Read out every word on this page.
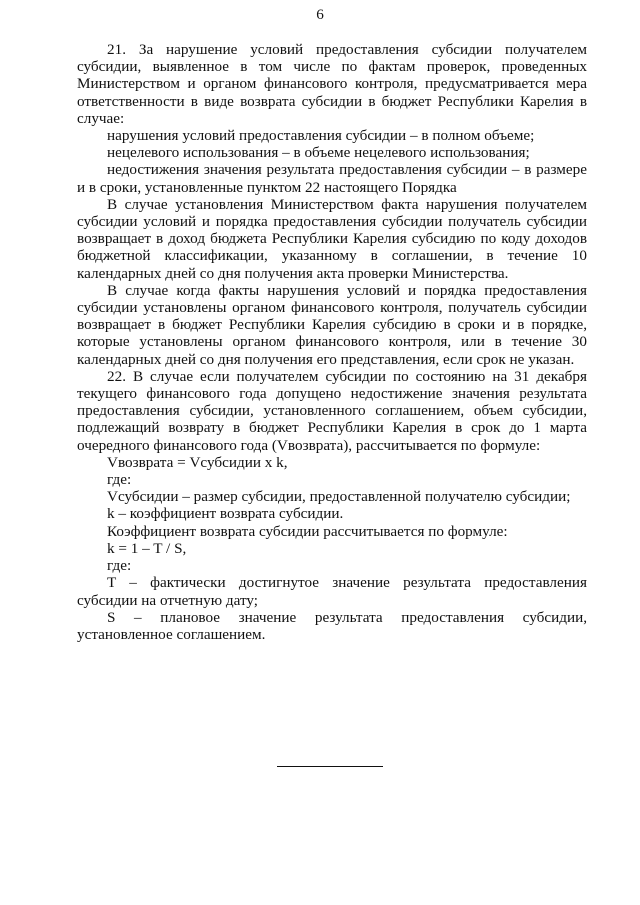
6

21. За нарушение условий предоставления субсидии получателем субсидии, выявленное в том числе по фактам проверок, проведенных Министерством и органом финансового контроля, предусматривается мера ответственности в виде возврата субсидии в бюджет Республики Карелия в случае:

нарушения условий предоставления субсидии – в полном объеме;

нецелевого использования – в объеме нецелевого использования;

недостижения значения результата предоставления субсидии – в размере и в сроки, установленные пунктом 22 настоящего Порядка

В случае установления Министерством факта нарушения получателем субсидии условий и порядка предоставления субсидии получатель субсидии возвращает в доход бюджета Республики Карелия субсидию по коду доходов бюджетной классификации, указанному в соглашении, в течение 10 календарных дней со дня получения акта проверки Министерства.

В случае когда факты нарушения условий и порядка предоставления субсидии установлены органом финансового контроля, получатель субсидии возвращает в бюджет Республики Карелия субсидию в сроки и в порядке, которые установлены органом финансового контроля, или в течение 30 календарных дней со дня получения его представления, если срок не указан.

22. В случае если получателем субсидии по состоянию на 31 декабря текущего финансового года допущено недостижение значения результата предоставления субсидии, установленного соглашением, объем субсидии, подлежащий возврату в бюджет Республики Карелия в срок до 1 марта очередного финансового года (Vвозврата), рассчитывается по формуле:

Vвозврата = Vсубсидии x k,

где:

Vсубсидии – размер субсидии, предоставленной получателю субсидии;

k – коэффициент возврата субсидии.

Коэффициент возврата субсидии рассчитывается по формуле:

k = 1 – T / S,

где:

T – фактически достигнутое значение результата предоставления субсидии на отчетную дату;

S – плановое значение результата предоставления субсидии, установленное соглашением.
